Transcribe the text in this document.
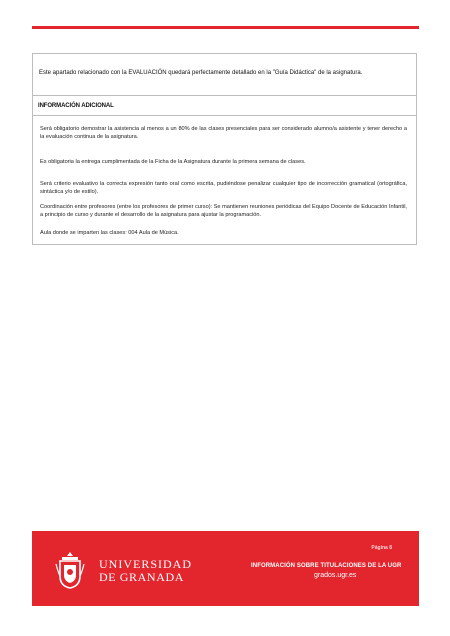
Este apartado relacionado con la EVALUACIÓN quedará perfectamente detallado en la "Guía Didáctica" de la asignatura.
INFORMACIÓN ADICIONAL
Será obligatorio demostrar la asistencia al menos a un 80% de las clases presenciales para ser considerado alumno/a asistente y tener derecho a la evaluación continua de la asignatura.
Es obligatoria la entrega cumplimentada de la Ficha de la Asignatura durante la primera semana de clases.
Será criterio evaluativo la correcta expresión tanto oral como escrita, pudiéndose penalizar cualquier tipo de incorrección gramatical (ortográfica, sintáctica y/o de estilo).
Coordinación entre profesores (entre los profesores de primer curso): Se mantienen reuniones periódicas del Equipo Docente de Educación Infantil, a principio de curso y durante el desarrollo de la asignatura para ajustar la programación.
Aula donde se imparten las clases: 004 Aula de Música.
UNIVERSIDAD
DE GRANADA
Página 8
INFORMACIÓN SOBRE TITULACIONES DE LA UGR
grados.ugr.es
